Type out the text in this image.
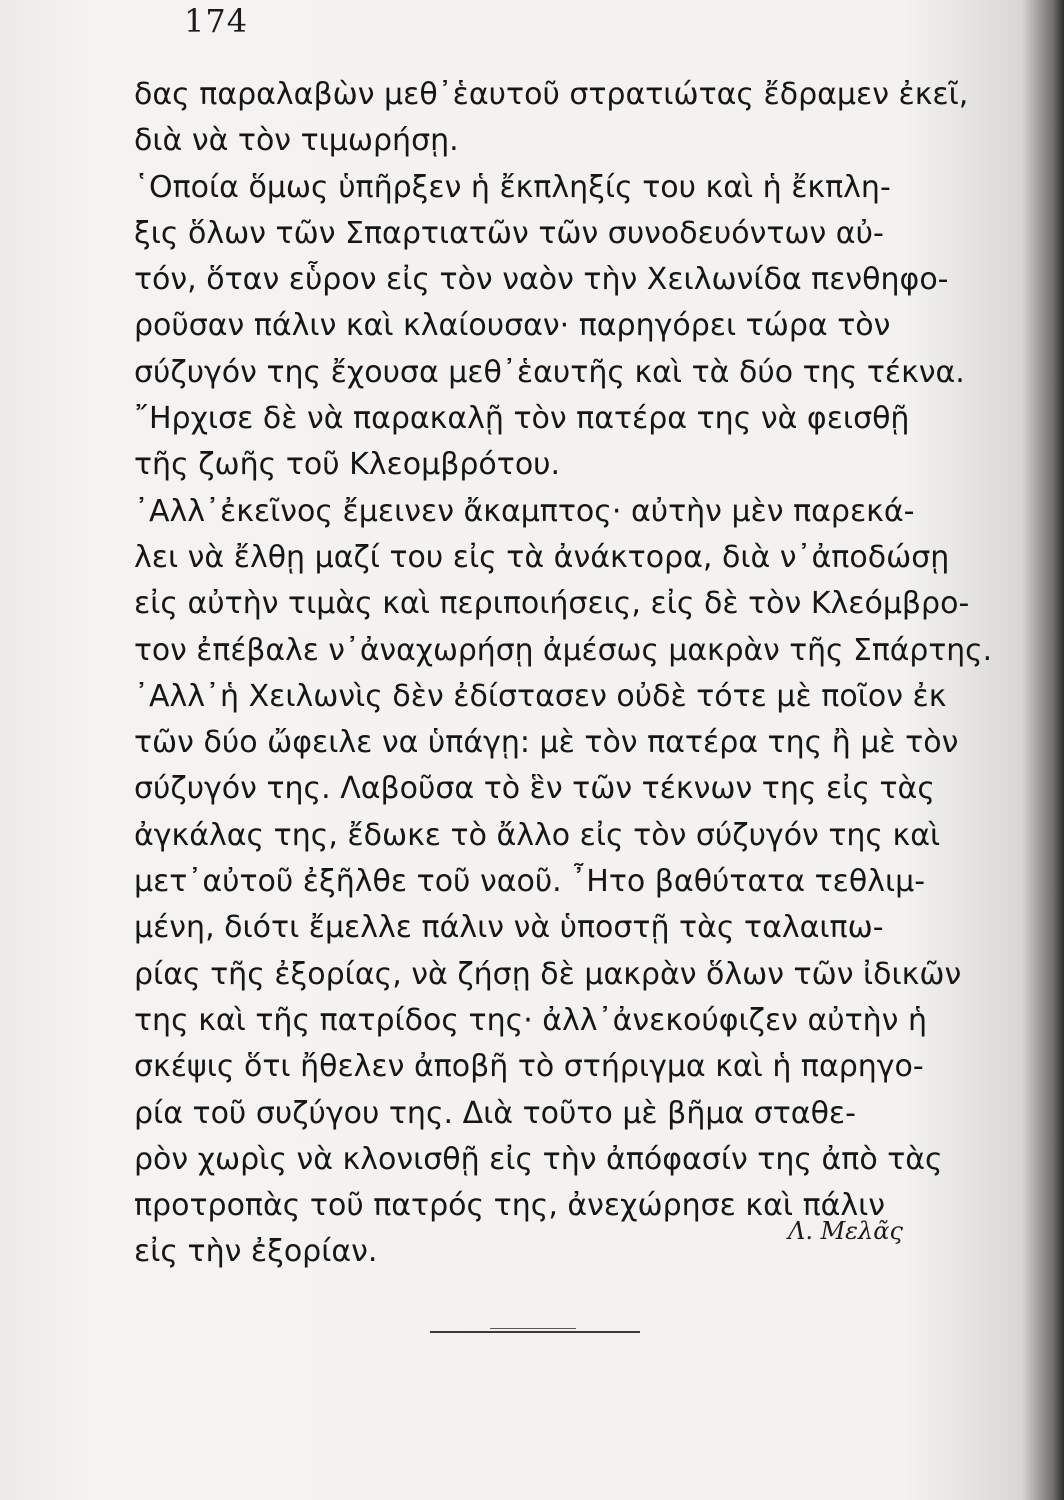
174
δας παραλαβὼν μεθ᾽ἑαυτοῦ στρατιώτας ἔδραμεν ἐκεῖ,
διὰ νὰ τὸν τιμωρήσῃ.
῾Οποία ὅμως ὑπῆρξεν ἡ ἔκπληξίς του καὶ ἡ ἔκπλη-
ξις ὅλων τῶν Σπαρτιατῶν τῶν συνοδευόντων αὐ-
τόν, ὅταν εὗρον εἰς τὸν ναὸν τὴν Χειλωνίδα πενθηφο-
ροῦσαν πάλιν καὶ κλαίουσαν· παρηγόρει τώρα τὸν
σύζυγόν της ἔχουσα μεθ᾽ἑαυτῆς καὶ τὰ δύο της τέκνα.
῎Ηρχισε δὲ νὰ παρακαλῇ τὸν πατέρα της νὰ φεισθῇ
τῆς ζωῆς τοῦ Κλεομβρότου.
᾽Αλλ᾽ἐκεῖνος ἔμεινεν ἄκαμπτος· αὐτὴν μὲν παρεκά-
λει νὰ ἔλθῃ μαζί του εἰς τὰ ἀνάκτορα, διὰ ν᾽ἀποδώσῃ
εἰς αὐτὴν τιμὰς καὶ περιποιήσεις, εἰς δὲ τὸν Κλεόμβρο-
τον ἐπέβαλε ν᾽ἀναχωρήσῃ ἀμέσως μακρὰν τῆς Σπάρτης.
᾽Αλλ᾽ἡ Χειλωνὶς δὲν ἐδίστασεν οὐδὲ τότε μὲ ποῖον ἐκ
τῶν δύο ὤφειλε να ὑπάγῃ: μὲ τὸν πατέρα της ἢ μὲ τὸν
σύζυγόν της. Λαβοῦσα τὸ ἓν τῶν τέκνων της εἰς τὰς
ἀγκάλας της, ἔδωκε τὸ ἄλλο εἰς τὸν σύζυγόν της καὶ
μετ᾽αὐτοῦ ἐξῆλθε τοῦ ναοῦ. ῏Ητο βαθύτατα τεθλιμ-
μένη, διότι ἔμελλε πάλιν νὰ ὑποστῇ τὰς ταλαιπω-
ρίας τῆς ἐξορίας, νὰ ζήσῃ δὲ μακρὰν ὅλων τῶν ἰδικῶν
της καὶ τῆς πατρίδος της· ἀλλ᾽ἀνεκούφιζεν αὐτὴν ἡ
σκέψις ὅτι ἤθελεν ἀποβῆ τὸ στήριγμα καὶ ἡ παρηγο-
ρία τοῦ συζύγου της. Διὰ τοῦτο μὲ βῆμα σταθε-
ρὸν χωρὶς νὰ κλονισθῇ εἰς τὴν ἀπόφασίν της ἀπὸ τὰς
προτροπὰς τοῦ πατρός της, ἀνεχώρησε καὶ πάλιν
εἰς τὴν ἐξορίαν.
Λ. Μελᾶς
